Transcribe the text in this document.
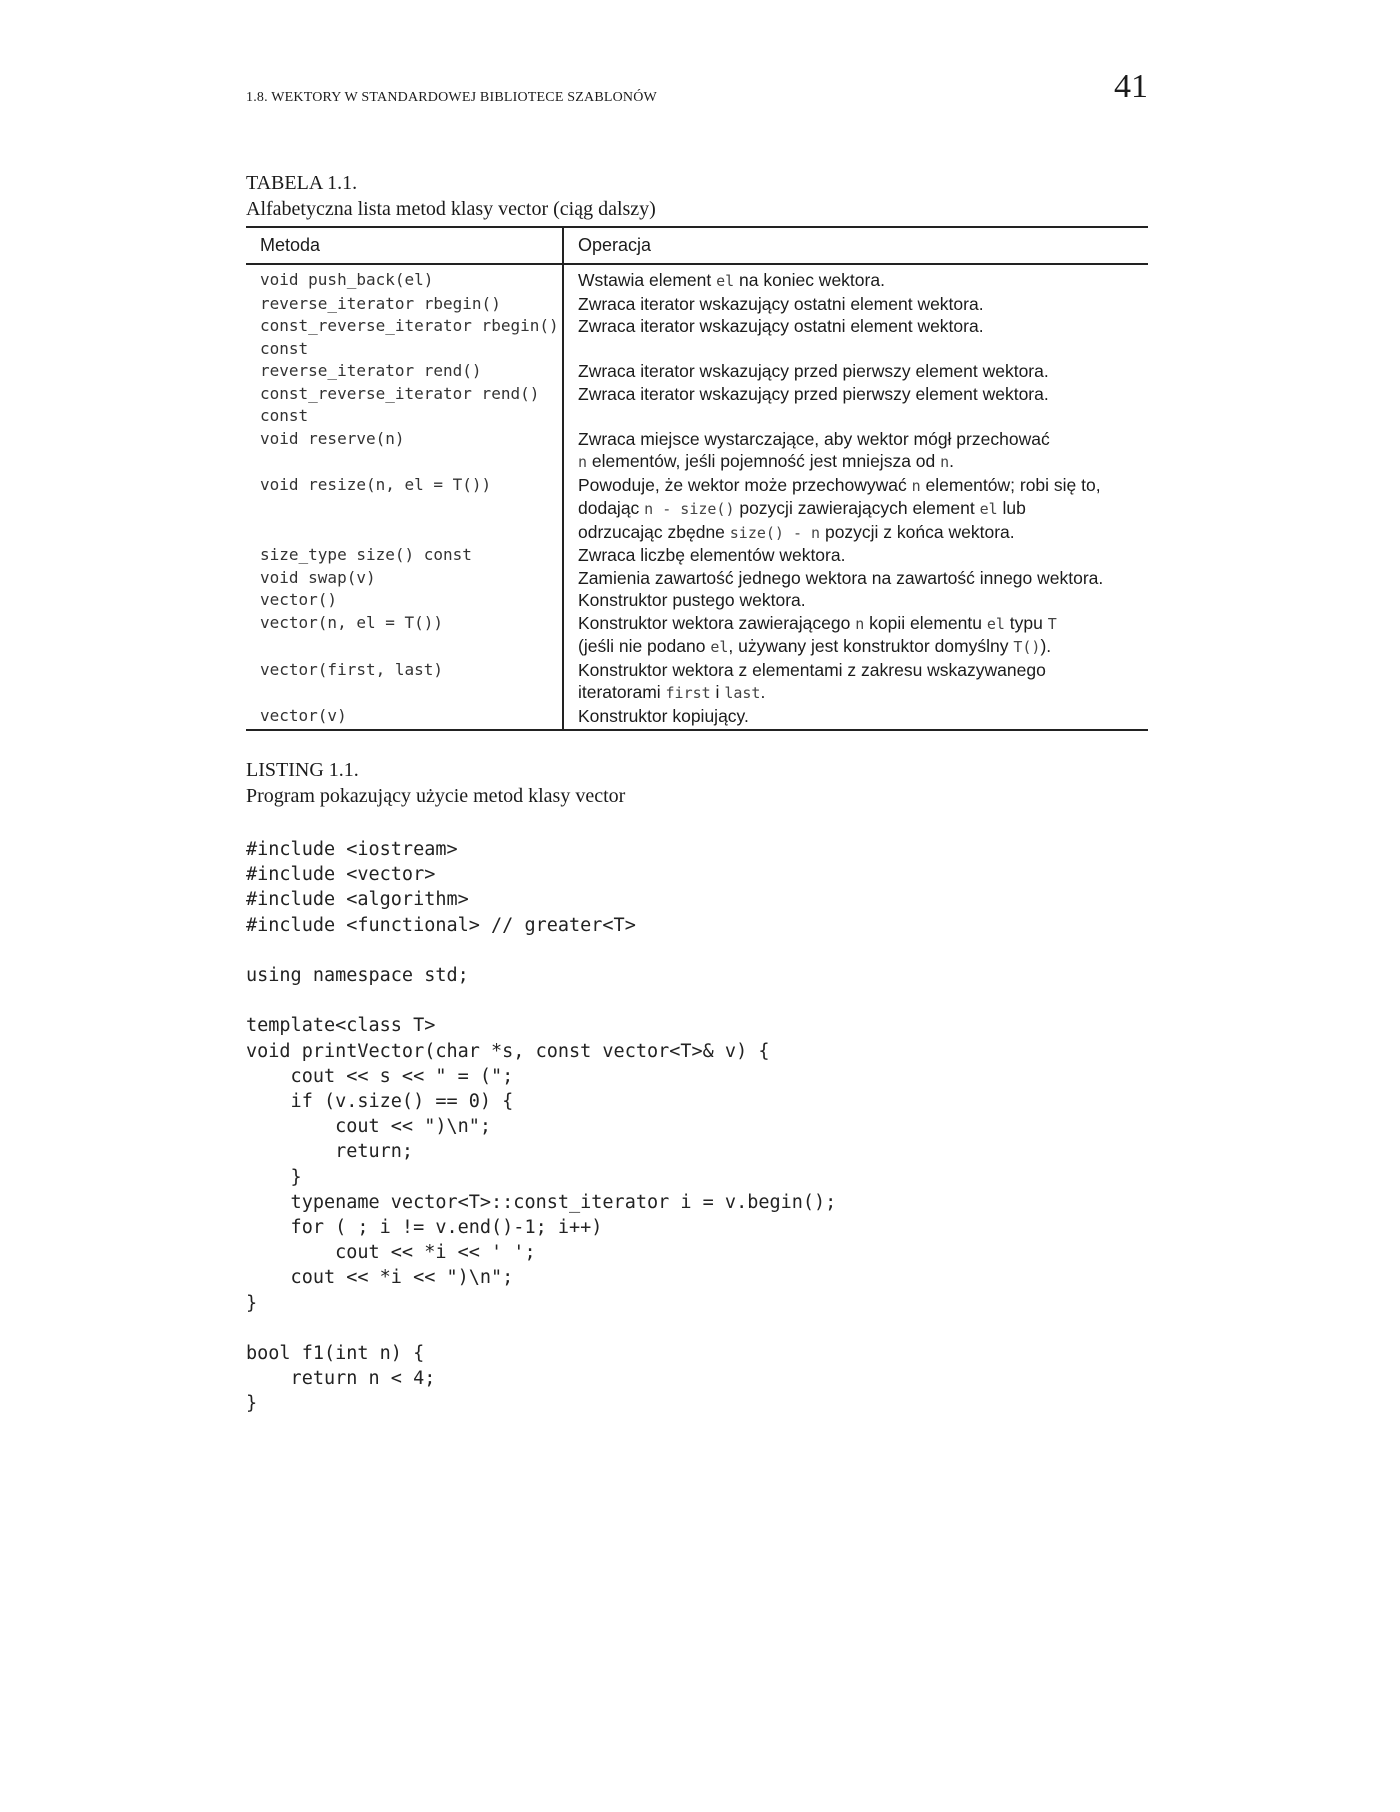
1.8. WEKTORY W STANDARDOWEJ BIBLIOTECE SZABLONÓW	41
TABELA 1.1.
Alfabetyczna lista metod klasy vector (ciąg dalszy)
Metoda	Operacja
void push_back(el)	Wstawia element el na koniec wektora.
reverse_iterator rbegin()	Zwraca iterator wskazujący ostatni element wektora.
const_reverse_iterator rbegin()
const	Zwraca iterator wskazujący ostatni element wektora.
reverse_iterator rend()	Zwraca iterator wskazujący przed pierwszy element wektora.
const_reverse_iterator rend()
const	Zwraca iterator wskazujący przed pierwszy element wektora.
void reserve(n)	Zwraca miejsce wystarczające, aby wektor mógł przechować
n elementów, jeśli pojemność jest mniejsza od n.
void resize(n, el = T())	Powoduje, że wektor może przechowywać n elementów; robi się to,
dodając n - size() pozycji zawierających element el lub
odrzucając zbędne size() - n pozycji z końca wektora.
size_type size() const	Zwraca liczbę elementów wektora.
void swap(v)	Zamienia zawartość jednego wektora na zawartość innego wektora.
vector()	Konstruktor pustego wektora.
vector(n, el = T())	Konstruktor wektora zawierającego n kopii elementu el typu T
(jeśli nie podano el, używany jest konstruktor domyślny T()).
vector(first, last)	Konstruktor wektora z elementami z zakresu wskazywanego
iteratorami first i last.
vector(v)	Konstruktor kopiujący.
LISTING 1.1.
Program pokazujący użycie metod klasy vector
#include <iostream>
#include <vector>
#include <algorithm>
#include <functional> // greater<T>

using namespace std;

template<class T>
void printVector(char *s, const vector<T>& v) {
cout << s << " = (";
if (v.size() == 0) {
cout << ")\n";
return;
}
typename vector<T>::const_iterator i = v.begin();
for ( ; i != v.end()-1; i++)
cout << *i << ' ';
cout << *i << ")\n";
}

bool f1(int n) {
return n < 4;
}
